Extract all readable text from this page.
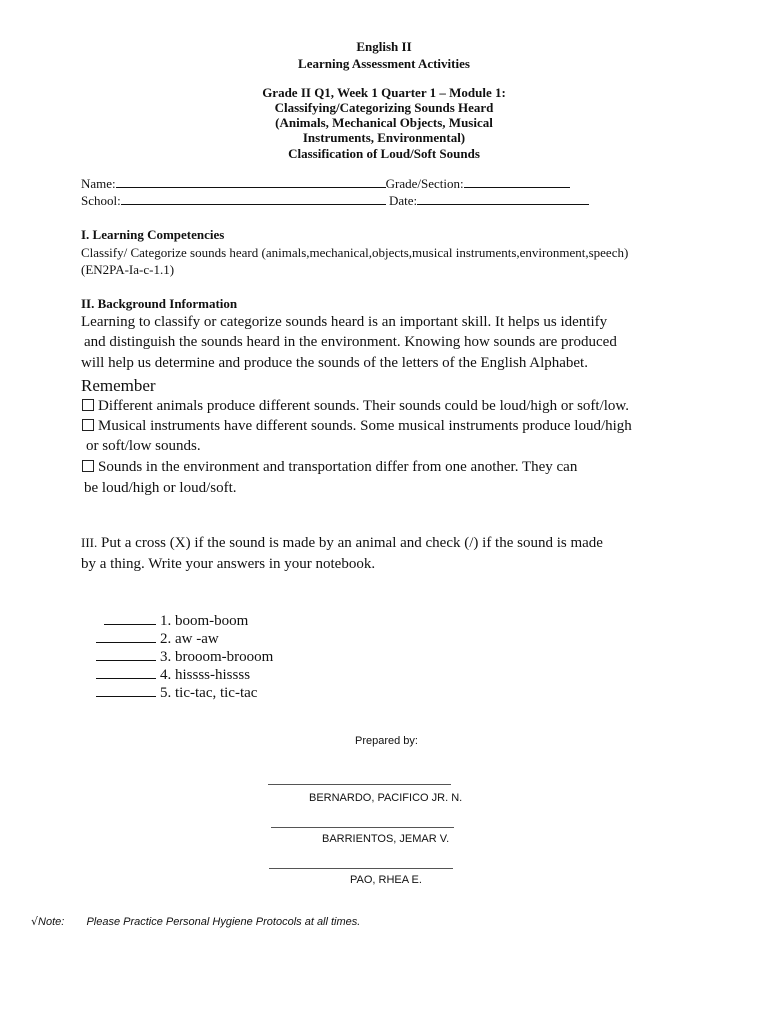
English II
Learning Assessment Activities
Grade II Q1, Week 1 Quarter 1 – Module 1:
Classifying/Categorizing Sounds Heard
(Animals, Mechanical Objects, Musical
Instruments, Environmental)
Classification of Loud/Soft Sounds
Name:	Grade/Section:
School:	Date:
I. Learning Competencies
Classify/ Categorize sounds heard (animals,mechanical,objects,musical instruments,environment,speech)
(EN2PA-Ia-c-1.1)
II. Background Information
Learning to classify or categorize sounds heard is an important skill. It helps us identify
and distinguish the sounds heard in the environment. Knowing how sounds are produced
will help us determine and produce the sounds of the letters of the English Alphabet.
Remember
Different animals produce different sounds. Their sounds could be loud/high or soft/low.
Musical instruments have different sounds. Some musical instruments produce loud/high
or soft/low sounds.
Sounds in the environment and transportation differ from one another. They can
be loud/high or loud/soft.
III. Put a cross (X) if the sound is made by an animal and check (/) if the sound is made
by a thing. Write your answers in your notebook.
1. boom-boom
2. aw -aw
3. brooom-brooom
4. hissss-hissss
5. tic-tac, tic-tac
Prepared by:
BERNARDO, PACIFICO JR. N.
BARRIENTOS, JEMAR V.
PAO, RHEA E.
√Note: Please Practice Personal Hygiene Protocols at all times.
